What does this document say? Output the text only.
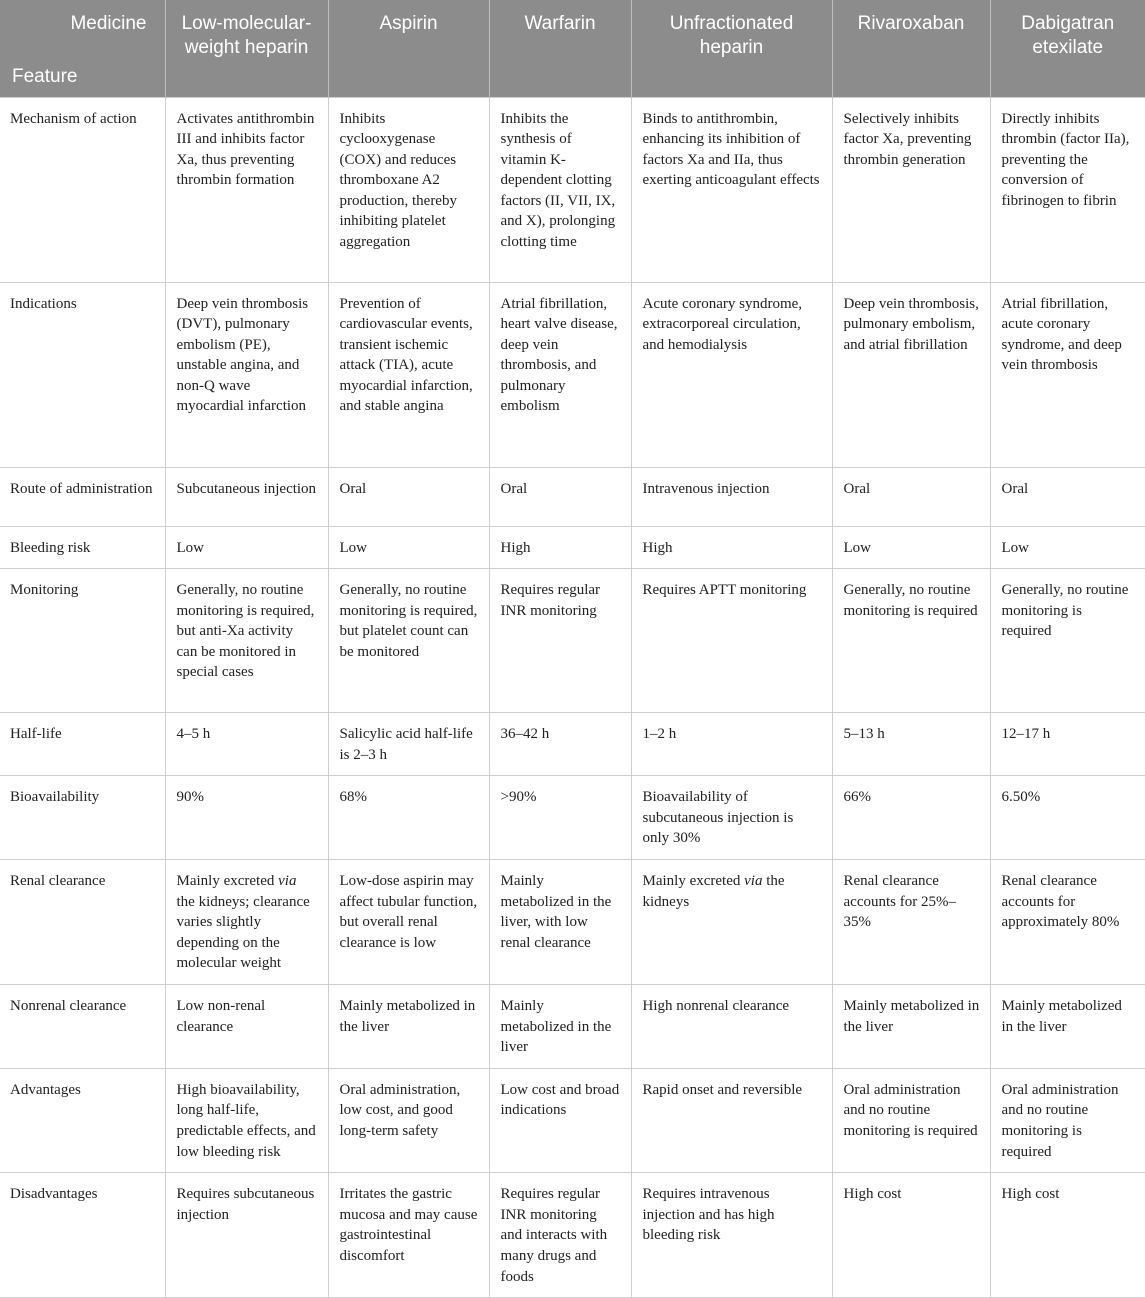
Medicine
Feature	Low-molecular-weight heparin	Aspirin	Warfarin	Unfractionated heparin	Rivaroxaban	Dabigatran etexilate
Mechanism of action	Activates antithrombin III and inhibits factor Xa, thus preventing thrombin formation	Inhibits cyclooxygenase (COX) and reduces thromboxane A2 production, thereby inhibiting platelet aggregation	Inhibits the synthesis of vitamin K-dependent clotting factors (II, VII, IX, and X), prolonging clotting time	Binds to antithrombin, enhancing its inhibition of factors Xa and IIa, thus exerting anticoagulant effects	Selectively inhibits factor Xa, preventing thrombin generation	Directly inhibits thrombin (factor IIa), preventing the conversion of fibrinogen to fibrin
Indications	Deep vein thrombosis (DVT), pulmonary embolism (PE), unstable angina, and non-Q wave myocardial infarction	Prevention of cardiovascular events, transient ischemic attack (TIA), acute myocardial infarction, and stable angina	Atrial fibrillation, heart valve disease, deep vein thrombosis, and pulmonary embolism	Acute coronary syndrome, extracorporeal circulation, and hemodialysis	Deep vein thrombosis, pulmonary embolism, and atrial fibrillation	Atrial fibrillation, acute coronary syndrome, and deep vein thrombosis
Route of administration	Subcutaneous injection	Oral	Oral	Intravenous injection	Oral	Oral
Bleeding risk	Low	Low	High	High	Low	Low
Monitoring	Generally, no routine monitoring is required, but anti-Xa activity can be monitored in special cases	Generally, no routine monitoring is required, but platelet count can be monitored	Requires regular INR monitoring	Requires APTT monitoring	Generally, no routine monitoring is required	Generally, no routine monitoring is required
Half-life	4–5 h	Salicylic acid half-life is 2–3 h	36–42 h	1–2 h	5–13 h	12–17 h
Bioavailability	90%	68%	>90%	Bioavailability of subcutaneous injection is only 30%	66%	6.50%
Renal clearance	Mainly excreted via the kidneys; clearance varies slightly depending on the molecular weight	Low-dose aspirin may affect tubular function, but overall renal clearance is low	Mainly metabolized in the liver, with low renal clearance	Mainly excreted via the kidneys	Renal clearance accounts for 25%–35%	Renal clearance accounts for approximately 80%
Nonrenal clearance	Low non-renal clearance	Mainly metabolized in the liver	Mainly metabolized in the liver	High nonrenal clearance	Mainly metabolized in the liver	Mainly metabolized in the liver
Advantages	High bioavailability, long half-life, predictable effects, and low bleeding risk	Oral administration, low cost, and good long-term safety	Low cost and broad indications	Rapid onset and reversible	Oral administration and no routine monitoring is required	Oral administration and no routine monitoring is required
Disadvantages	Requires subcutaneous injection	Irritates the gastric mucosa and may cause gastrointestinal discomfort	Requires regular INR monitoring and interacts with many drugs and foods	Requires intravenous injection and has high bleeding risk	High cost	High cost
